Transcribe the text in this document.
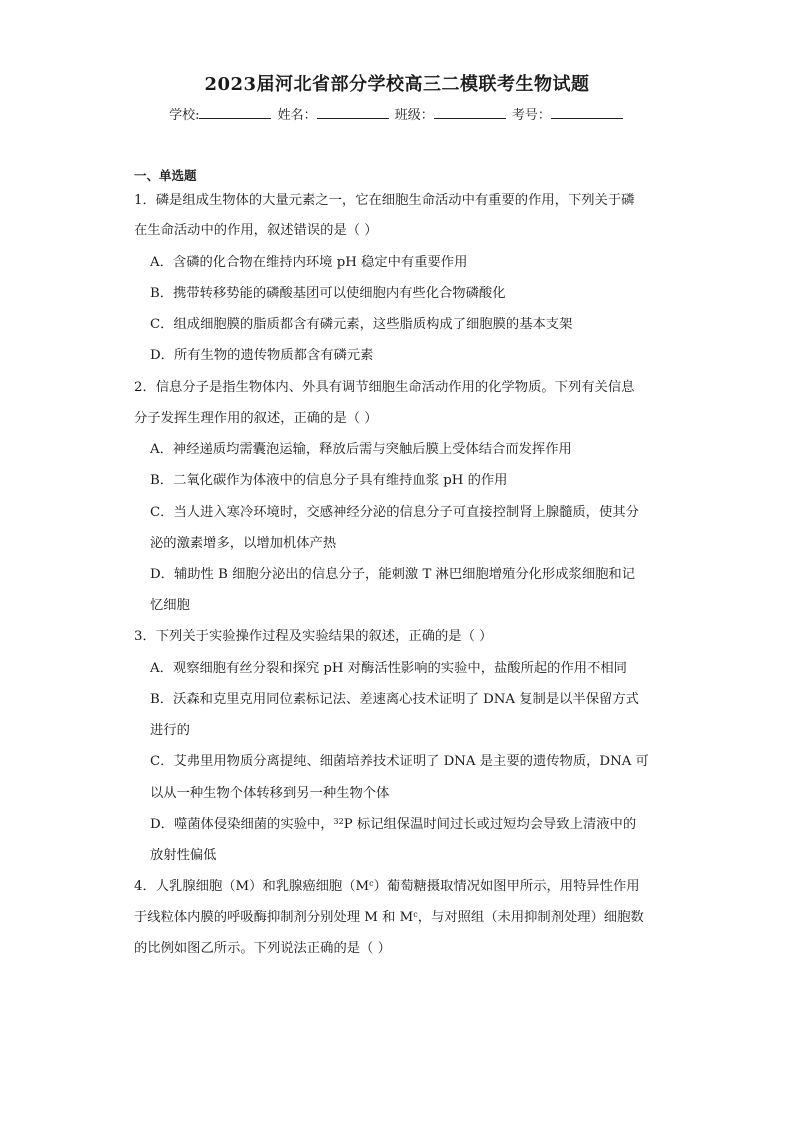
2023届河北省部分学校高三二模联考生物试题
学校:	姓名：	班级：	考号：
一、单选题
1．磷是组成生物体的大量元素之一，它在细胞生命活动中有重要的作用，下列关于磷
在生命活动中的作用，叙述错误的是（ ）
A．含磷的化合物在维持内环境 pH 稳定中有重要作用
B．携带转移势能的磷酸基团可以使细胞内有些化合物磷酸化
C．组成细胞膜的脂质都含有磷元素，这些脂质构成了细胞膜的基本支架
D．所有生物的遗传物质都含有磷元素
2．信息分子是指生物体内、外具有调节细胞生命活动作用的化学物质。下列有关信息
分子发挥生理作用的叙述，正确的是（ ）
A．神经递质均需囊泡运输，释放后需与突触后膜上受体结合而发挥作用
B．二氧化碳作为体液中的信息分子具有维持血浆 pH 的作用
C．当人进入寒冷环境时，交感神经分泌的信息分子可直接控制肾上腺髓质，使其分
泌的激素增多，以增加机体产热
D．辅助性 B 细胞分泌出的信息分子，能刺激 T 淋巴细胞增殖分化形成浆细胞和记
忆细胞
3．下列关于实验操作过程及实验结果的叙述，正确的是（ ）
A．观察细胞有丝分裂和探究 pH 对酶活性影响的实验中，盐酸所起的作用不相同
B．沃森和克里克用同位素标记法、差速离心技术证明了 DNA 复制是以半保留方式
进行的
C．艾弗里用物质分离提纯、细菌培养技术证明了 DNA 是主要的遗传物质，DNA 可
以从一种生物个体转移到另一种生物个体
D．噬菌体侵染细菌的实验中，$^{32}$P 标记组保温时间过长或过短均会导致上清液中的
放射性偏低
4．人乳腺细胞（M）和乳腺癌细胞$(M^c)$葡萄糖摄取情况如图甲所示，用特异性作用
于线粒体内膜的呼吸酶抑制剂分别处理 M 和 $M^c$，与对照组（未用抑制剂处理）细胞数
的比例如图乙所示。下列说法正确的是（ ）
